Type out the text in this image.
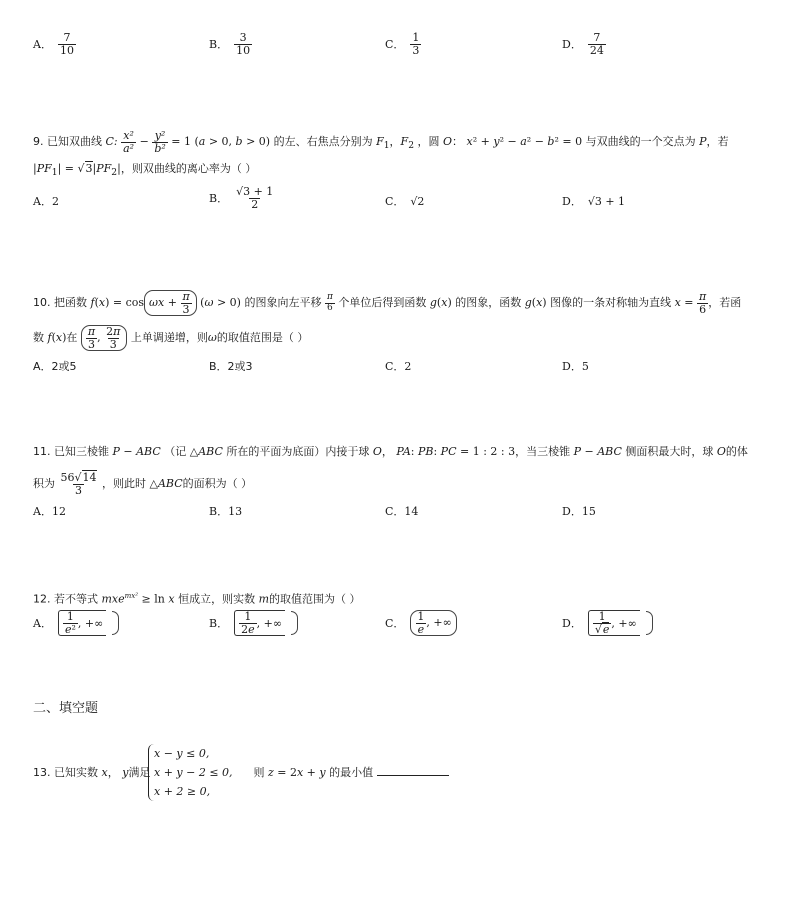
A． $\frac{7}{10}$	B． $\frac{3}{10}$	C． $\frac{1}{3}$	D． $\frac{7}{24}$
9. 已知双曲线 C: $\frac{\text{x²}}{\text{a²}} - \frac{\text{y²}}{\text{b²}} = 1$ (a > 0, b > 0) 的左、右焦点分别为 $F_1$，$F_2$ ，圆 O： x² + y² − a² − b² = 0 与双曲线的一个交点为 P，若
$|PF_1| = √3|PF_2|$，则双曲线的离心率为（ ）
A．2	B． $\frac{√3 + 1}{2}$	C． √2	D． √3 + 1
10. 把函数 $f(x) = \cos \omega x + \frac{\pi}{3} (\omega > 0)$ 的图象向左平移 $\frac{\pi}{6}$ 个单位后得到函数 g(x) 的图象，函数 g(x) 图像的一条对称轴为直线 $x = \frac{\pi}{6}$ ，若函
数 f(x)在 $\frac{\pi}{3}$ , $\frac{2\pi}{3}$ 上单调递增，则ω的取值范围是（ ）
A．2或5	B．2或3	C．2	D．5
11. 已知三棱锥 P − ABC （记 △ABC 所在的平面为底面）内接于球 O， PA: PB: PC = 1 : 2 : 3，当三棱锥 P − ABC 侧面积最大时，球 O的体
积为 $\frac{56√14}{3}$ ，则此时 △ABC的面积为（ ）
A．12	B．13	C．14	D．15
12. 若不等式 mxe$^{mx^2}$ ≥ ln x 恒成立，则实数 m的取值范围为（ ）
A． $\frac{1}{\text{e²}}$ , +∞	B． $\frac{1}{2e}$ , +∞	C． $\frac{1}{e}$ , +∞	D． $\frac{1}{√e}$ , +∞
二、填空题
13. 已知实数 x， y满足	则 z = 2x + y 的最小值
x − y ≤ 0,
x + y − 2 ≤ 0,
x + 2 ≥ 0,
